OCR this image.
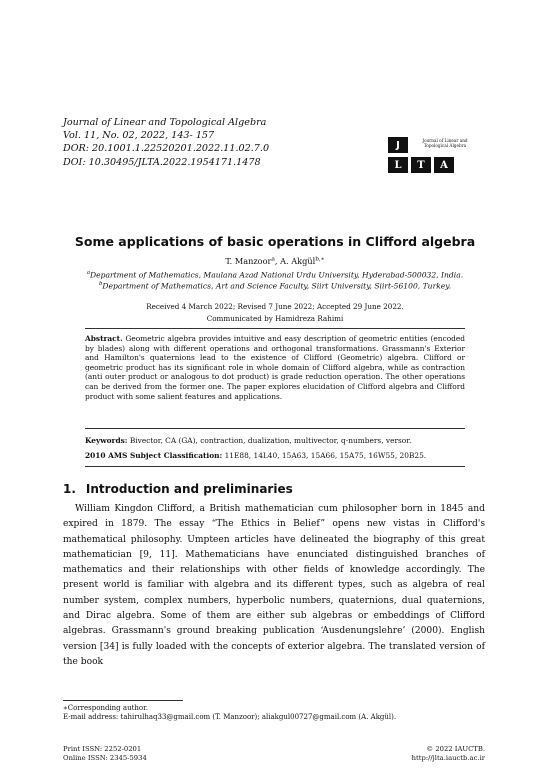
Journal of Linear and Topological Algebra
Vol. 11, No. 02, 2022, 143- 157
DOR: 20.1001.1.22520201.2022.11.02.7.0
DOI: 10.30495/JLTA.2022.1954171.1478
J	Journal of Linear and Topological Algebra
L	T	A
Some applications of basic operations in Clifford algebra
T. Manzoor$^a$, A. Akgül$^{b,∗}$
$^a$Department of Mathematics, Maulana Azad National Urdu University, Hyderabad-500032, India.
$^b$Department of Mathematics, Art and Science Faculty, Siirt University, Siirt-56100, Turkey.
Received 4 March 2022; Revised 7 June 2022; Accepted 29 June 2022.
Communicated by Hamidreza Rahimi
Abstract. Geometric algebra provides intuitive and easy description of geometric entities (encoded by blades) along with different operations and orthogonal transformations. Grassmann's Exterior and Hamilton's quaternions lead to the existence of Clifford (Geometric) algebra. Clifford or geometric product has its significant role in whole domain of Clifford algebra, while as contraction (anti outer product or analogous to dot product) is grade reduction operation. The other operations can be derived from the former one. The paper explores elucidation of Clifford algebra and Clifford product with some salient features and applications.
Keywords: Bivector, CA (GA), contraction, dualization, multivector, q-numbers, versor.
2010 AMS Subject Classification: 11E88, 14L40, 15A63, 15A66, 15A75, 16W55, 20B25.
1. Introduction and preliminaries
William Kingdon Clifford, a British mathematician cum philosopher born in 1845 and expired in 1879. The essay “The Ethics in Belief” opens new vistas in Clifford's mathematical philosophy. Umpteen articles have delineated the biography of this great mathematician [9, 11]. Mathematicians have enunciated distinguished branches of mathematics and their relationships with other fields of knowledge accordingly. The present world is familiar with algebra and its different types, such as algebra of real number system, complex numbers, hyperbolic numbers, quaternions, dual quaternions, and Dirac algebra. Some of them are either sub algebras or embeddings of Clifford algebras. Grassmann's ground breaking publication ‘Ausdenungslehre’ (2000). English version [34] is fully loaded with the concepts of exterior algebra. The translated version of the book
∗Corresponding author.
E-mail address: tahirulhaq33@gmail.com (T. Manzoor); aliakgul00727@gmail.com (A. Akgül).
Print ISSN: 2252-0201
Online ISSN: 2345-5934
© 2022 IAUCTB.
http://jlta.iauctb.ac.ir
